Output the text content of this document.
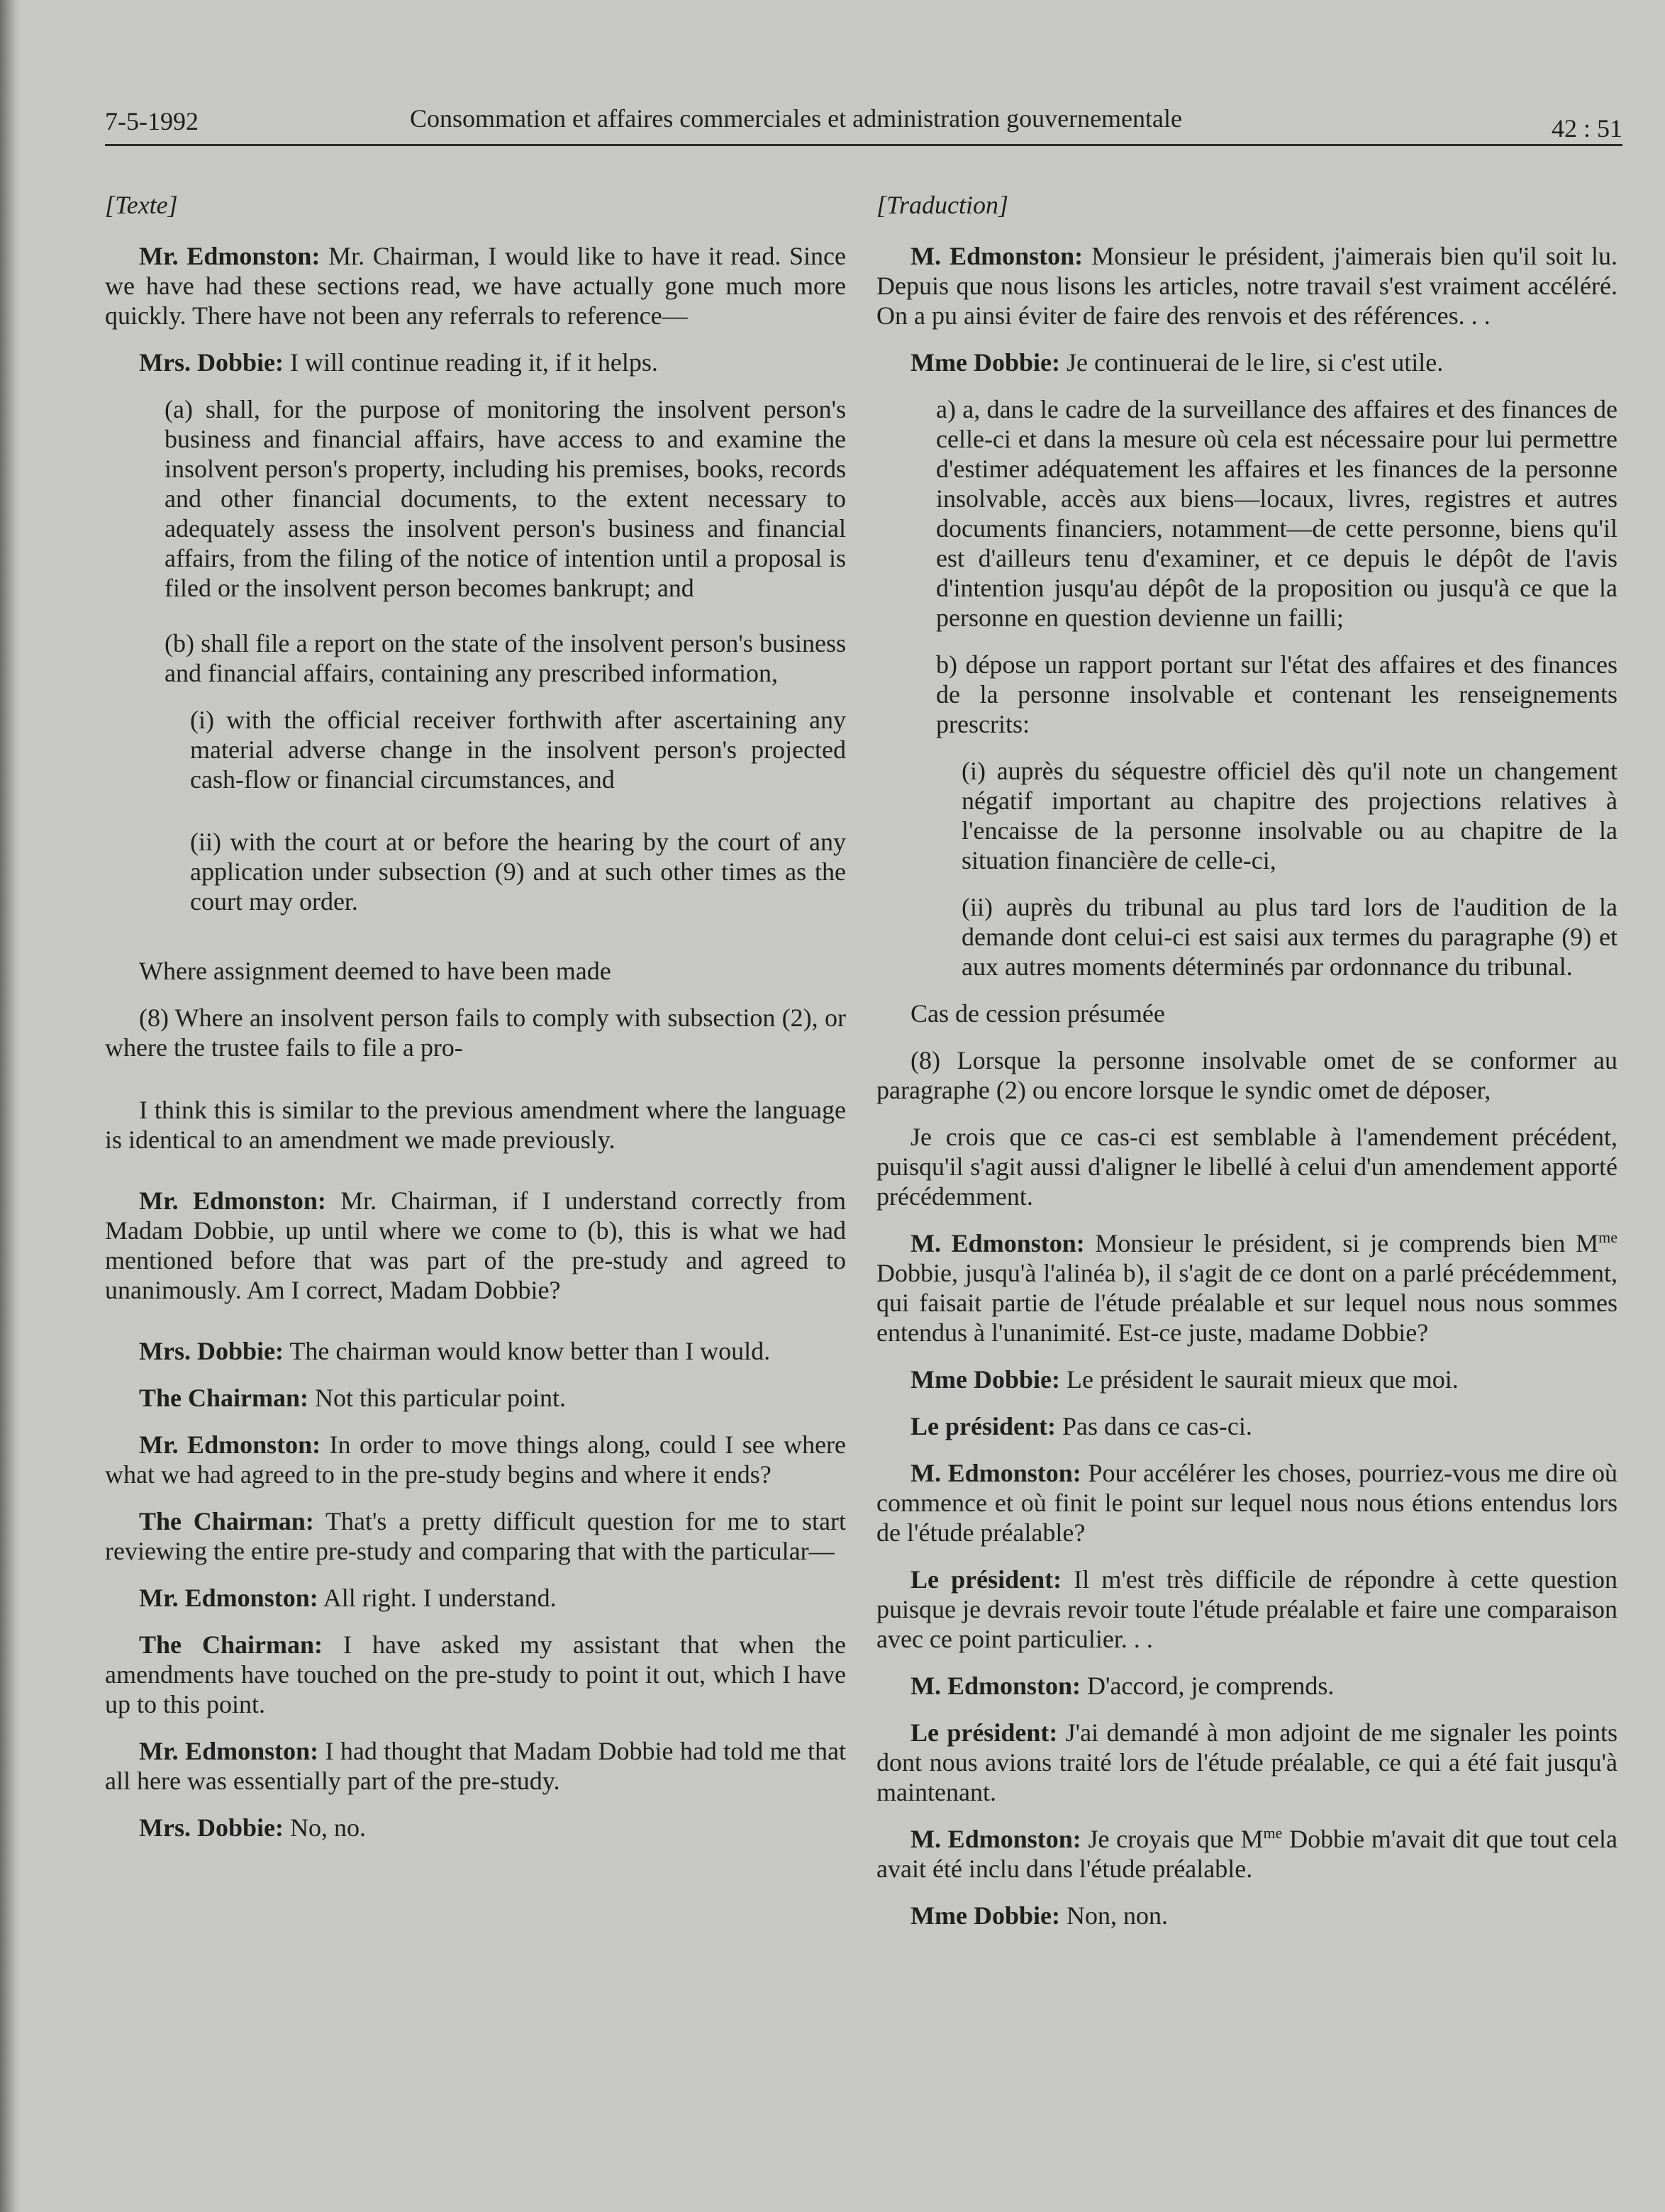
7-5-1992	Consommation et affaires commerciales et administration gouvernementale	42 : 51
[Texte]

Mr. Edmonston: Mr. Chairman, I would like to have it read. Since we have had these sections read, we have actually gone much more quickly. There have not been any referrals to reference—

Mrs. Dobbie: I will continue reading it, if it helps.

(a) shall, for the purpose of monitoring the insolvent person's business and financial affairs, have access to and examine the insolvent person's property, including his premises, books, records and other financial documents, to the extent necessary to adequately assess the insolvent person's business and financial affairs, from the filing of the notice of intention until a proposal is filed or the insolvent person becomes bankrupt; and

(b) shall file a report on the state of the insolvent person's business and financial affairs, containing any prescribed information,

(i) with the official receiver forthwith after ascertaining any material adverse change in the insolvent person's projected cash-flow or financial circumstances, and

(ii) with the court at or before the hearing by the court of any application under subsection (9) and at such other times as the court may order.

Where assignment deemed to have been made

(8) Where an insolvent person fails to comply with subsection (2), or where the trustee fails to file a pro-

I think this is similar to the previous amendment where the language is identical to an amendment we made previously.

Mr. Edmonston: Mr. Chairman, if I understand correctly from Madam Dobbie, up until where we come to (b), this is what we had mentioned before that was part of the pre-study and agreed to unanimously. Am I correct, Madam Dobbie?

Mrs. Dobbie: The chairman would know better than I would.

The Chairman: Not this particular point.

Mr. Edmonston: In order to move things along, could I see where what we had agreed to in the pre-study begins and where it ends?

The Chairman: That's a pretty difficult question for me to start reviewing the entire pre-study and comparing that with the particular—

Mr. Edmonston: All right. I understand.

The Chairman: I have asked my assistant that when the amendments have touched on the pre-study to point it out, which I have up to this point.

Mr. Edmonston: I had thought that Madam Dobbie had told me that all here was essentially part of the pre-study.

Mrs. Dobbie: No, no.

[Traduction]

M. Edmonston: Monsieur le président, j'aimerais bien qu'il soit lu. Depuis que nous lisons les articles, notre travail s'est vraiment accéléré. On a pu ainsi éviter de faire des renvois et des références. . .

Mme Dobbie: Je continuerai de le lire, si c'est utile.

a) a, dans le cadre de la surveillance des affaires et des finances de celle-ci et dans la mesure où cela est nécessaire pour lui permettre d'estimer adéquatement les affaires et les finances de la personne insolvable, accès aux biens—locaux, livres, registres et autres documents financiers, notamment—de cette personne, biens qu'il est d'ailleurs tenu d'examiner, et ce depuis le dépôt de l'avis d'intention jusqu'au dépôt de la proposition ou jusqu'à ce que la personne en question devienne un failli;

b) dépose un rapport portant sur l'état des affaires et des finances de la personne insolvable et contenant les renseignements prescrits:

(i) auprès du séquestre officiel dès qu'il note un changement négatif important au chapitre des projections relatives à l'encaisse de la personne insolvable ou au chapitre de la situation financière de celle-ci,

(ii) auprès du tribunal au plus tard lors de l'audition de la demande dont celui-ci est saisi aux termes du paragraphe (9) et aux autres moments déterminés par ordonnance du tribunal.

Cas de cession présumée

(8) Lorsque la personne insolvable omet de se conformer au paragraphe (2) ou encore lorsque le syndic omet de déposer,

Je crois que ce cas-ci est semblable à l'amendement précédent, puisqu'il s'agit aussi d'aligner le libellé à celui d'un amendement apporté précédemment.

M. Edmonston: Monsieur le président, si je comprends bien $M^{me}$ Dobbie, jusqu'à l'alinéa b), il s'agit de ce dont on a parlé précédemment, qui faisait partie de l'étude préalable et sur lequel nous nous sommes entendus à l'unanimité. Est-ce juste, madame Dobbie?

Mme Dobbie: Le président le saurait mieux que moi.

Le président: Pas dans ce cas-ci.

M. Edmonston: Pour accélérer les choses, pourriez-vous me dire où commence et où finit le point sur lequel nous nous étions entendus lors de l'étude préalable?

Le président: Il m'est très difficile de répondre à cette question puisque je devrais revoir toute l'étude préalable et faire une comparaison avec ce point particulier. . .

M. Edmonston: D'accord, je comprends.

Le président: J'ai demandé à mon adjoint de me signaler les points dont nous avions traité lors de l'étude préalable, ce qui a été fait jusqu'à maintenant.

M. Edmonston: Je croyais que $M^{me}$ Dobbie m'avait dit que tout cela avait été inclu dans l'étude préalable.

Mme Dobbie: Non, non.
